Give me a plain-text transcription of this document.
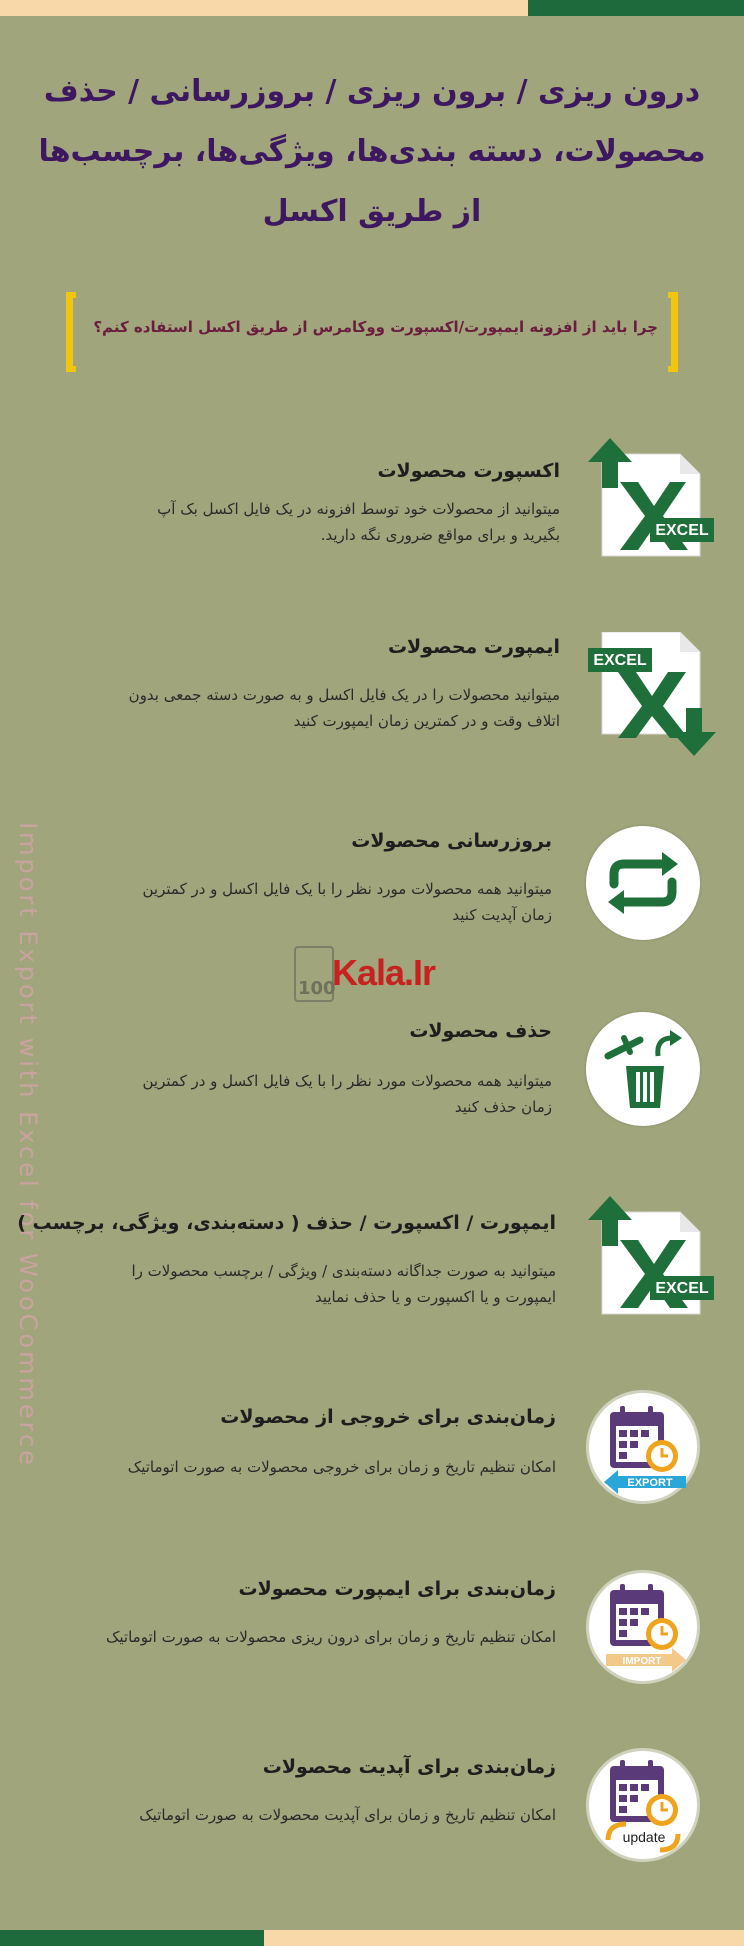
درون ریزی / برون ریزی / بروزرسانی / حذف
محصولات، دسته بندی‌ها، ویژگی‌ها، برچسب‌ها
از طریق اکسل
چرا باید از افزونه ایمپورت/اکسپورت ووکامرس از طریق اکسل استفاده کنم؟
Import Export with Excel for WooCommerce	100
Kala.Ir
اکسپورت محصولات

میتوانید از محصولات خود توسط افزونه در یک فایل اکسل بک آپ بگیرید و برای مواقع ضروری نگه دارید.	EXCEL
ایمپورت محصولات

میتوانید محصولات را در یک فایل اکسل و به صورت دسته جمعی بدون اتلاف وقت و در کمترین زمان ایمپورت کنید

EXCEL
بروزرسانی محصولات

میتوانید همه محصولات مورد نظر را با یک فایل اکسل و در کمترین زمان آپدیت کنید

حذف محصولات

میتوانید همه محصولات مورد نظر را با یک فایل اکسل و در کمترین زمان حذف کنید

ایمپورت / اکسپورت / حذف ( دسته‌بندی، ویژگی، برچسب )

میتوانید به صورت جداگانه دسته‌بندی / ویژگی / برچسب محصولات را ایمپورت و یا اکسپورت و یا حذف نمایید	EXCEL
زمان‌بندی برای خروجی از محصولات

امکان تنظیم تاریخ و زمان برای خروجی محصولات به صورت اتوماتیک

EXPORT
زمان‌بندی برای ایمپورت محصولات

امکان تنظیم تاریخ و زمان برای درون ریزی محصولات به صورت اتوماتیک

IMPORT
زمان‌بندی برای آپدیت محصولات

امکان تنظیم تاریخ و زمان برای آپدیت محصولات به صورت اتوماتیک

update
